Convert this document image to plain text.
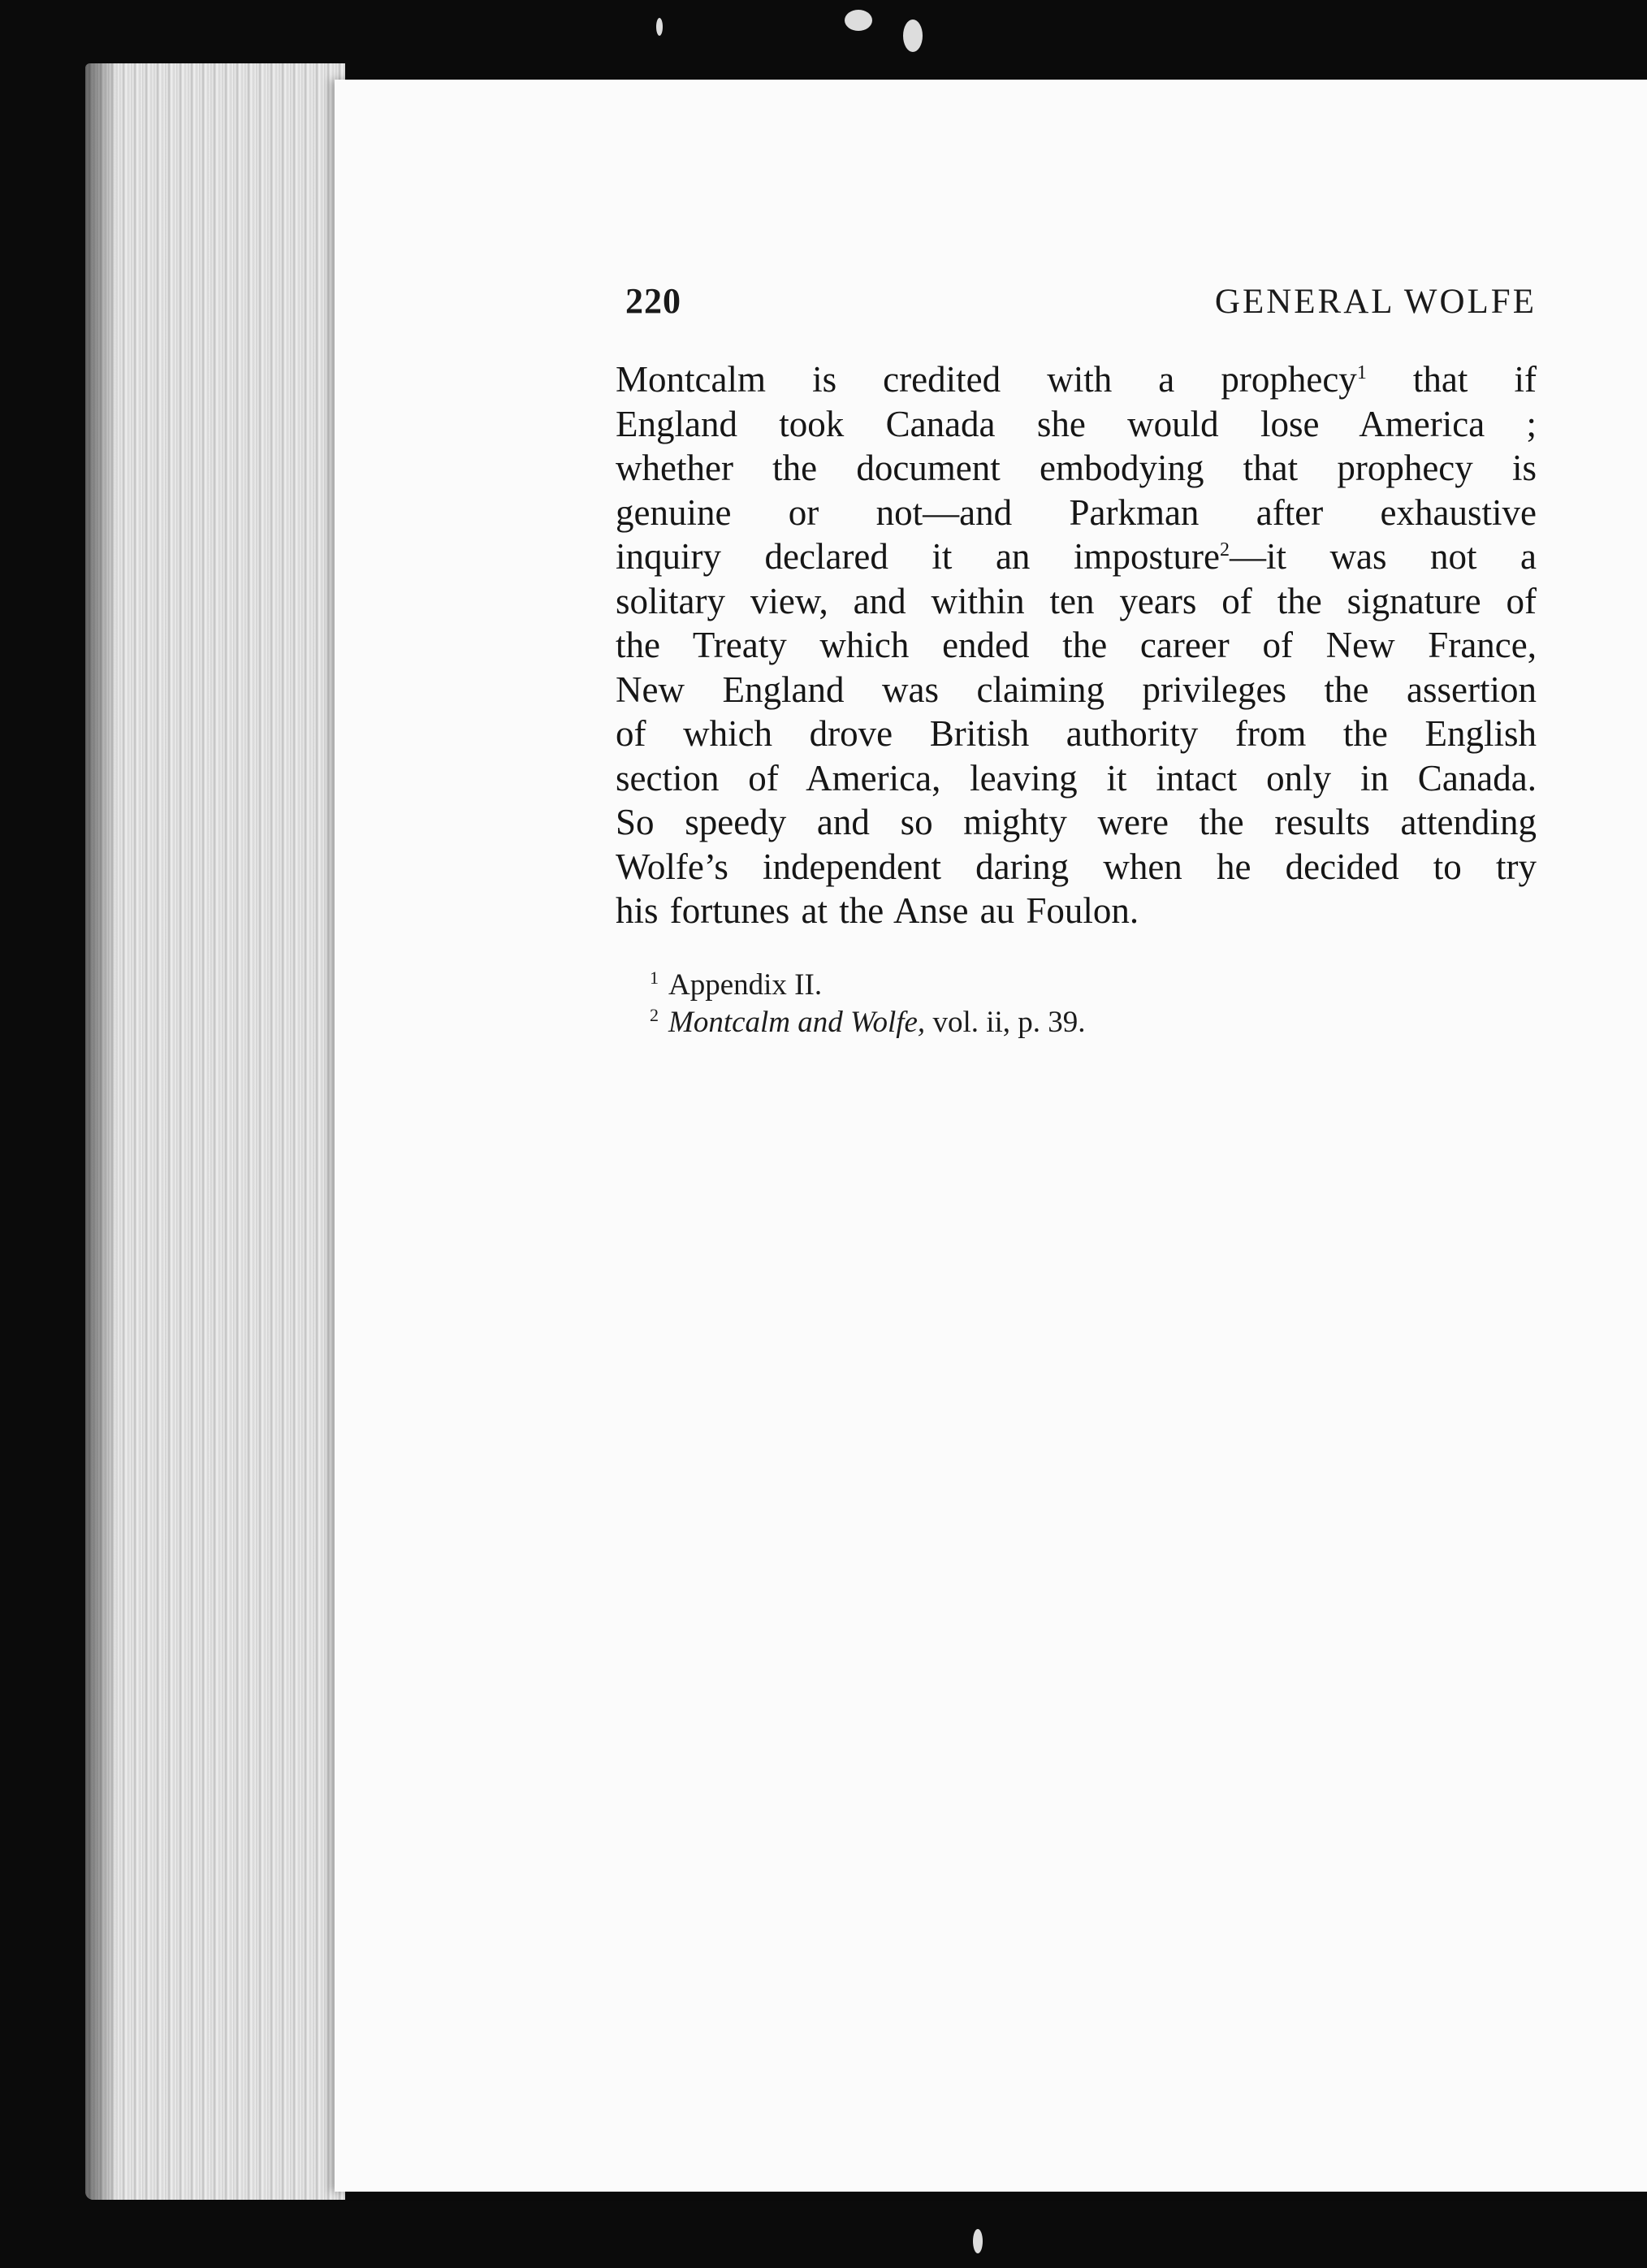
220	GENERAL WOLFE
Montcalm is credited with a prophecy$^1$ that if
England took Canada she would lose America ;
whether the document embodying that prophecy is
genuine or not—and Parkman after exhaustive
inquiry declared it an imposture$^2$—it was not a
solitary view, and within ten years of the signature of
the Treaty which ended the career of New France,
New England was claiming privileges the assertion
of which drove British authority from the English
section of America, leaving it intact only in Canada.
So speedy and so mighty were the results attending
Wolfe’s independent daring when he decided to try
his fortunes at the Anse au Foulon.
$^1$ Appendix II.
$^2$ Montcalm and Wolfe, vol. ii, p. 39.
